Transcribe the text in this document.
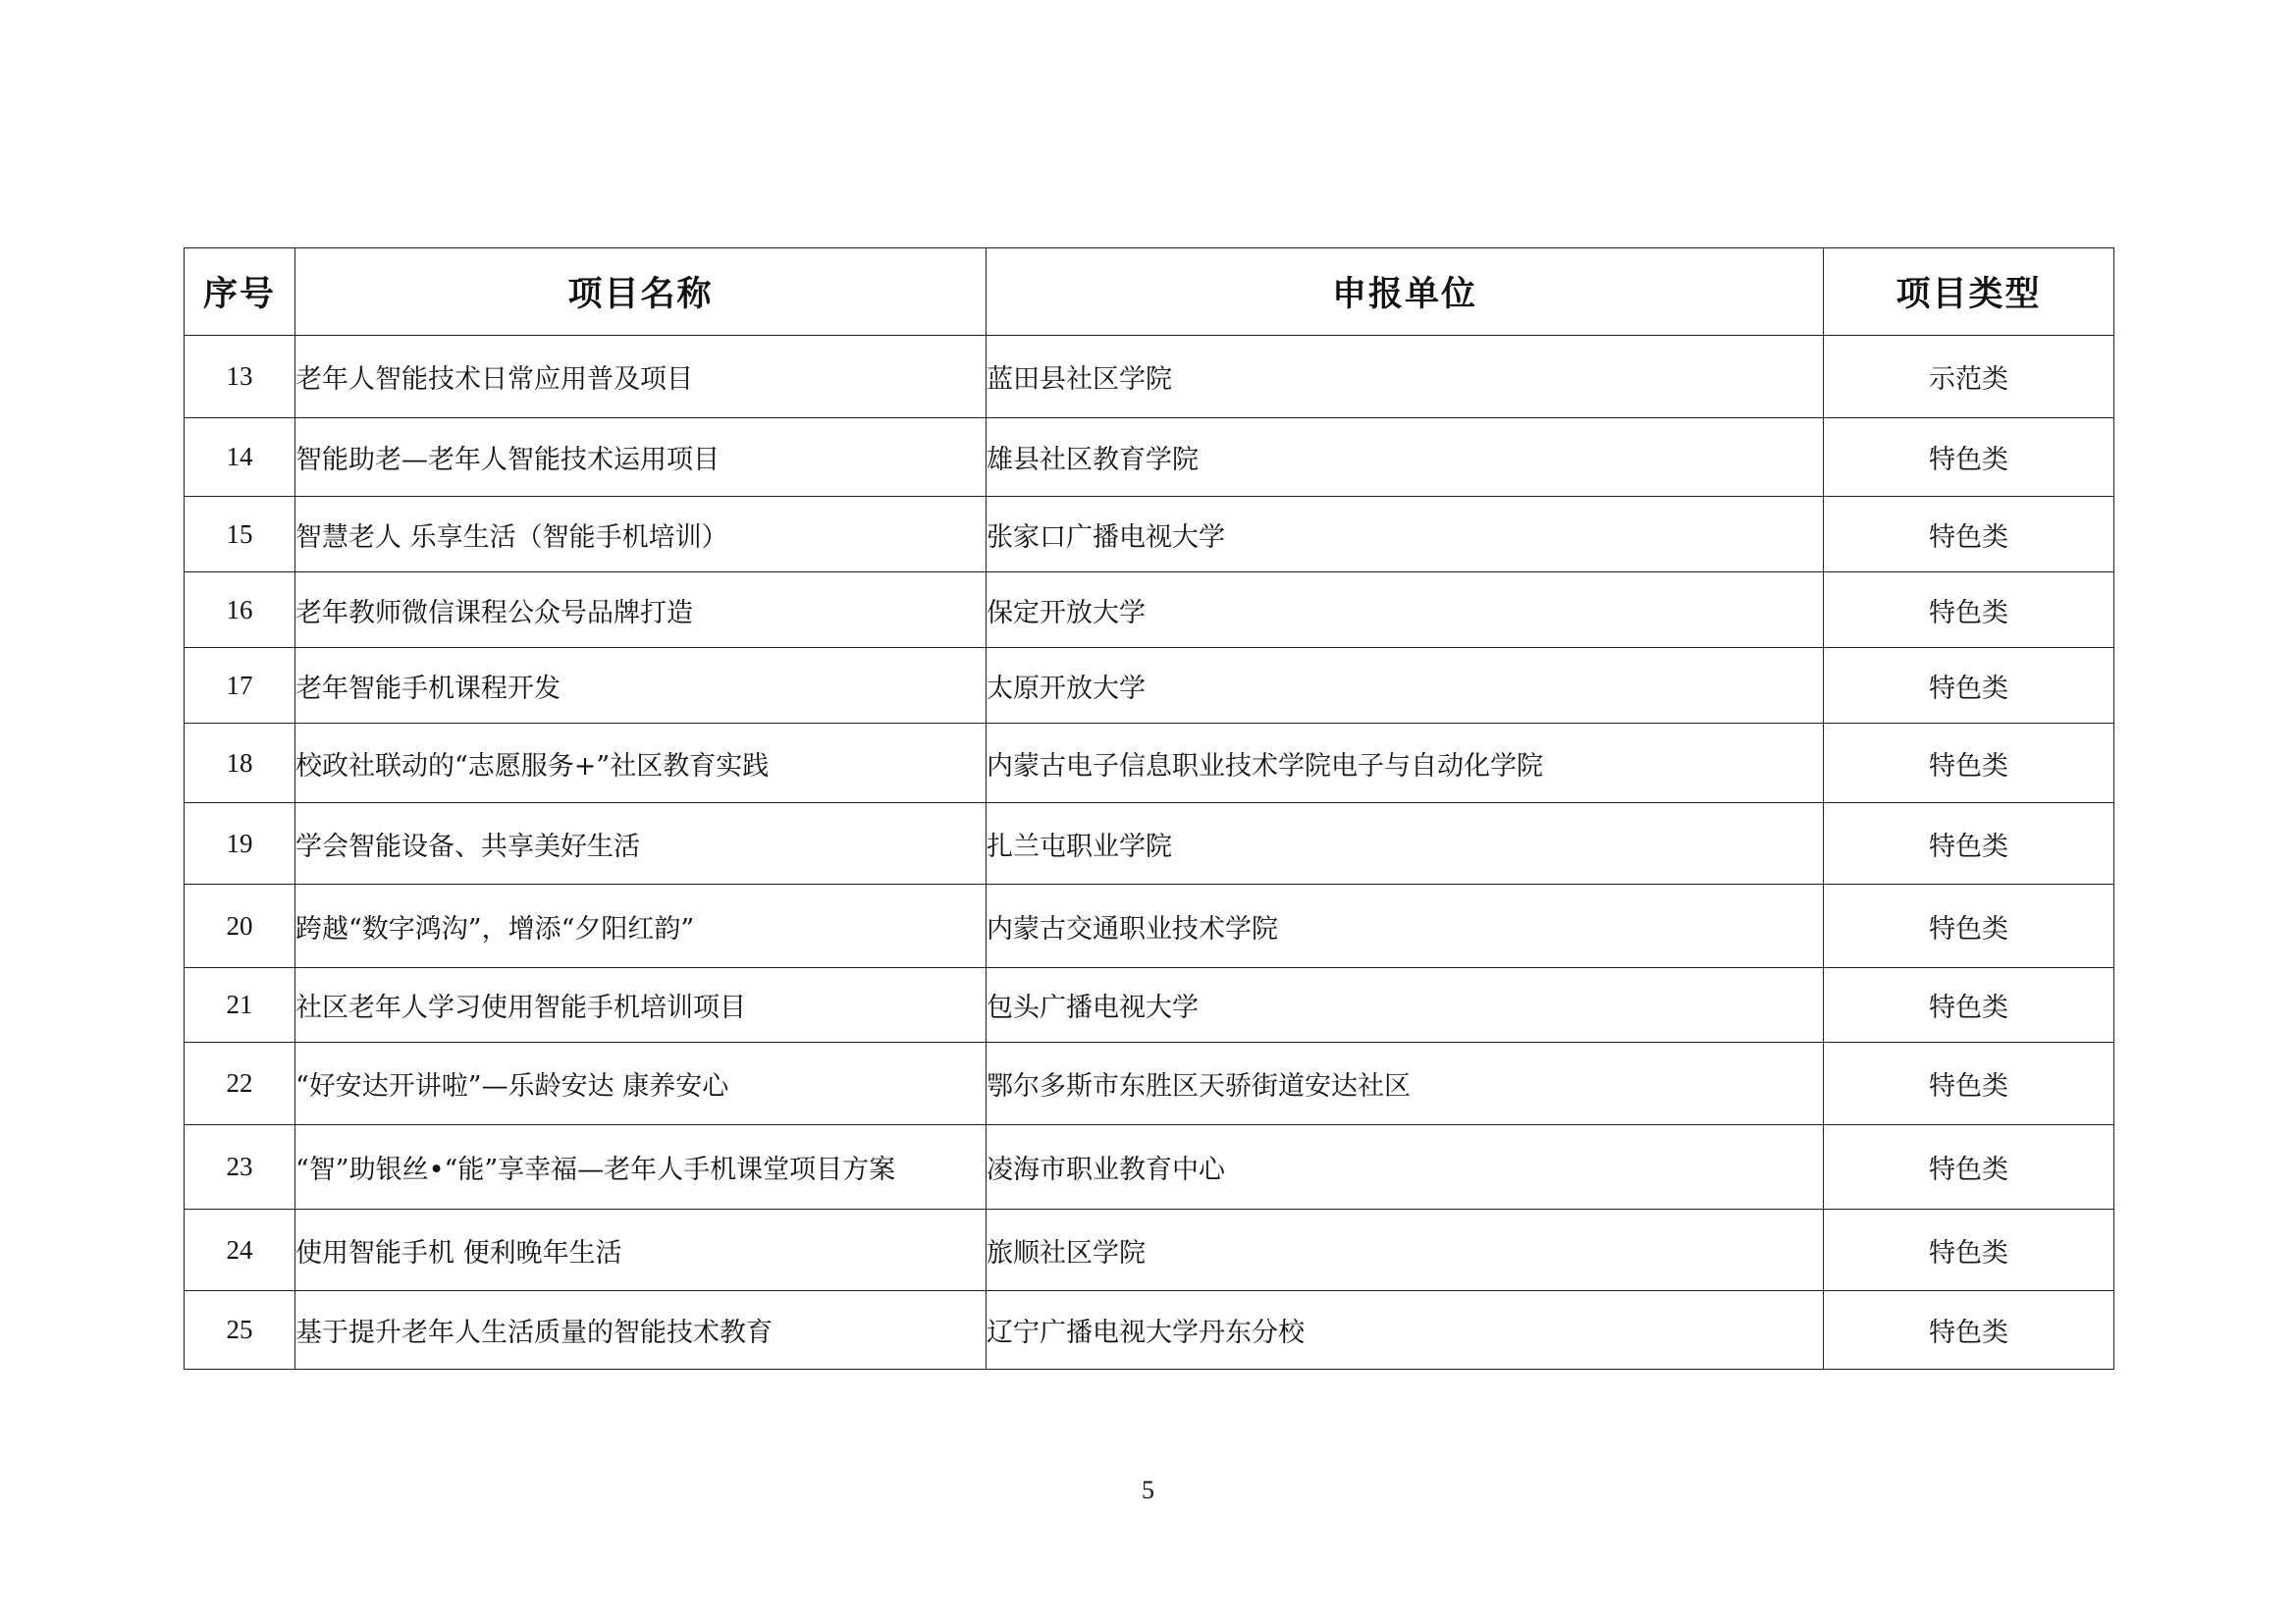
序号	项目名称	申报单位	项目类型
13	老年人智能技术日常应用普及项目	蓝田县社区学院	示范类
14	智能助老—老年人智能技术运用项目	雄县社区教育学院	特色类
15	智慧老人 乐享生活（智能手机培训）	张家口广播电视大学	特色类
16	老年教师微信课程公众号品牌打造	保定开放大学	特色类
17	老年智能手机课程开发	太原开放大学	特色类
18	校政社联动的“志愿服务+”社区教育实践	内蒙古电子信息职业技术学院电子与自动化学院	特色类
19	学会智能设备、共享美好生活	扎兰屯职业学院	特色类
20	跨越“数字鸿沟”，增添“夕阳红韵”	内蒙古交通职业技术学院	特色类
21	社区老年人学习使用智能手机培训项目	包头广播电视大学	特色类
22	“好安达开讲啦”—乐龄安达 康养安心	鄂尔多斯市东胜区天骄街道安达社区	特色类
23	“智”助银丝•“能”享幸福—老年人手机课堂项目方案	凌海市职业教育中心	特色类
24	使用智能手机 便利晚年生活	旅顺社区学院	特色类
25	基于提升老年人生活质量的智能技术教育	辽宁广播电视大学丹东分校	特色类
5
